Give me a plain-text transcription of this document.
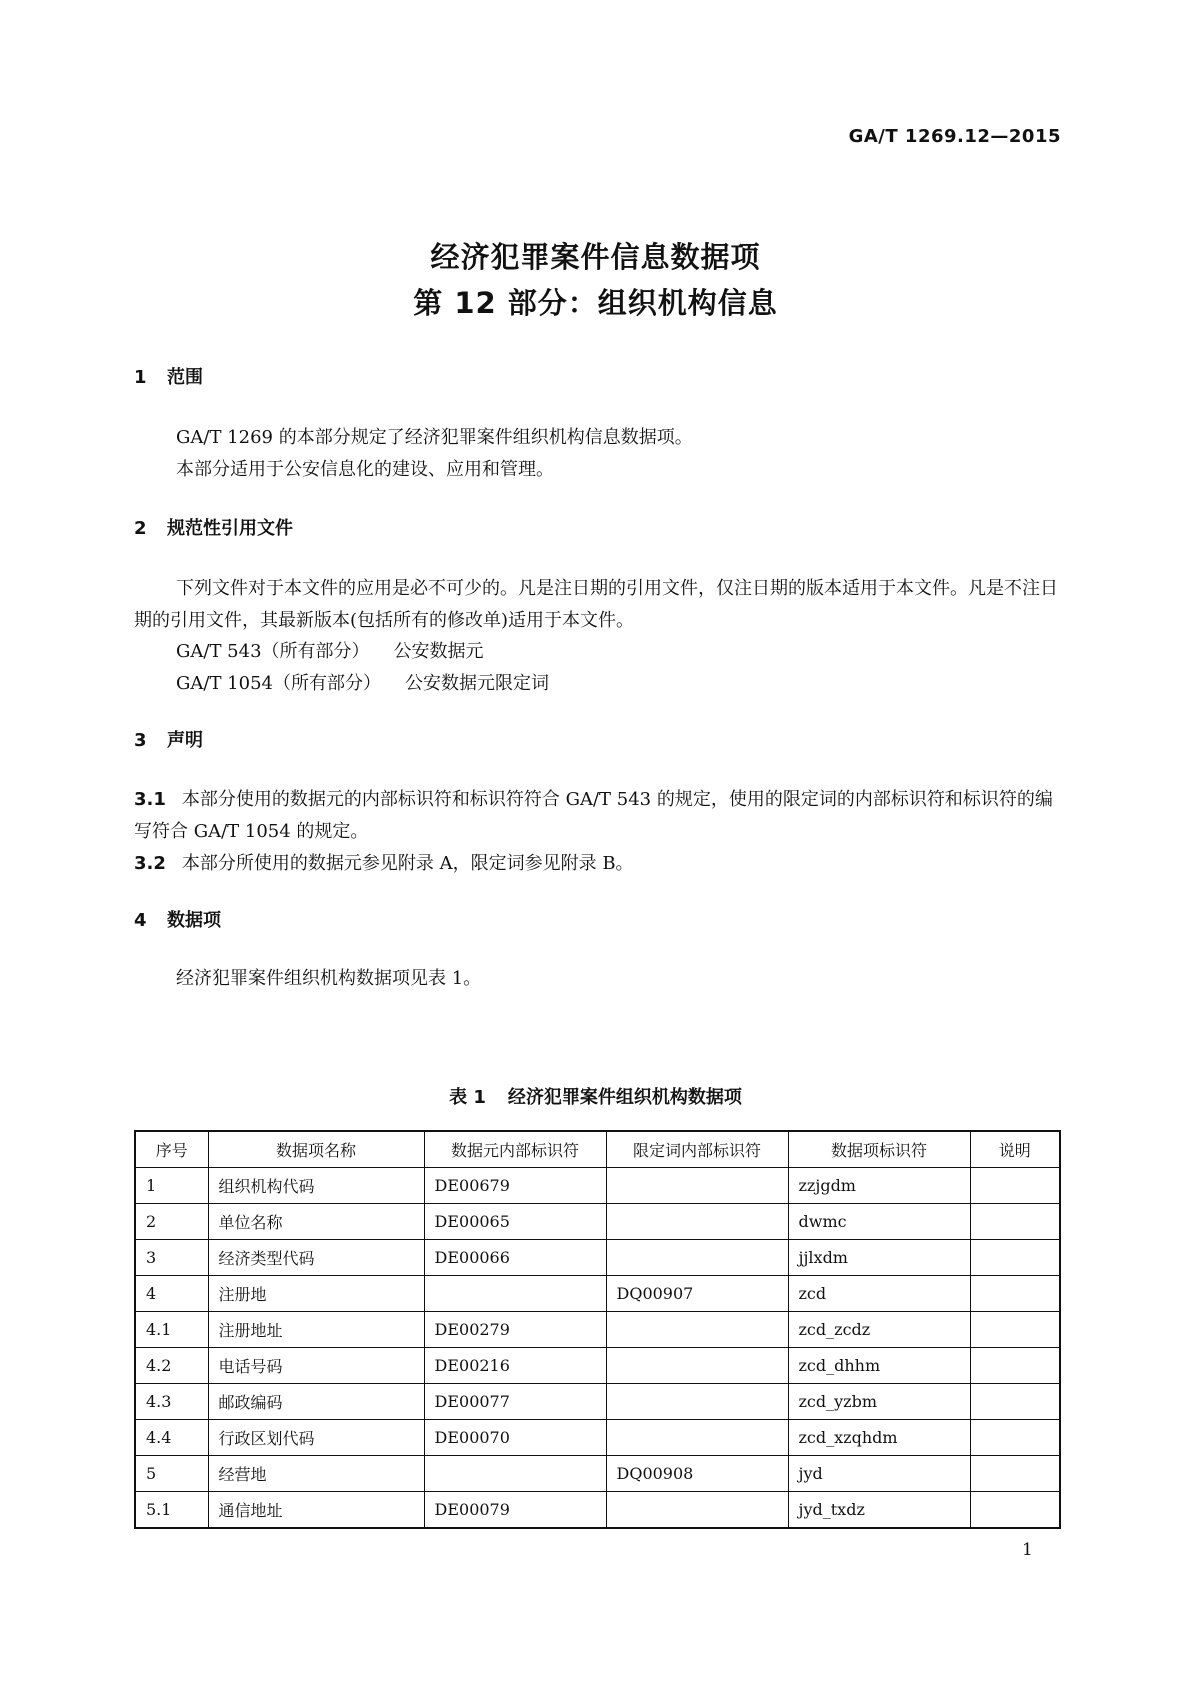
GA/T 1269.12—2015
经济犯罪案件信息数据项
第 12 部分：组织机构信息
1 范围
GA/T 1269 的本部分规定了经济犯罪案件组织机构信息数据项。
本部分适用于公安信息化的建设、应用和管理。
2 规范性引用文件
下列文件对于本文件的应用是必不可少的。凡是注日期的引用文件，仅注日期的版本适用于本文件。凡是不注日期的引用文件，其最新版本(包括所有的修改单)适用于本文件。
GA/T 543（所有部分） 公安数据元
GA/T 1054（所有部分） 公安数据元限定词
3 声明
3.1 本部分使用的数据元的内部标识符和标识符符合 GA/T 543 的规定，使用的限定词的内部标识符和标识符的编写符合 GA/T 1054 的规定。
3.2 本部分所使用的数据元参见附录 A，限定词参见附录 B。
4 数据项
经济犯罪案件组织机构数据项见表 1。
表 1 经济犯罪案件组织机构数据项
序号	数据项名称	数据元内部标识符	限定词内部标识符	数据项标识符	说明
1	组织机构代码	DE00679		zzjgdm	
2	单位名称	DE00065		dwmc	
3	经济类型代码	DE00066		jjlxdm	
4	注册地		DQ00907	zcd	
4.1	注册地址	DE00279		zcd_zcdz	
4.2	电话号码	DE00216		zcd_dhhm	
4.3	邮政编码	DE00077		zcd_yzbm	
4.4	行政区划代码	DE00070		zcd_xzqhdm	
5	经营地		DQ00908	jyd	
5.1	通信地址	DE00079		jyd_txdz	
1
